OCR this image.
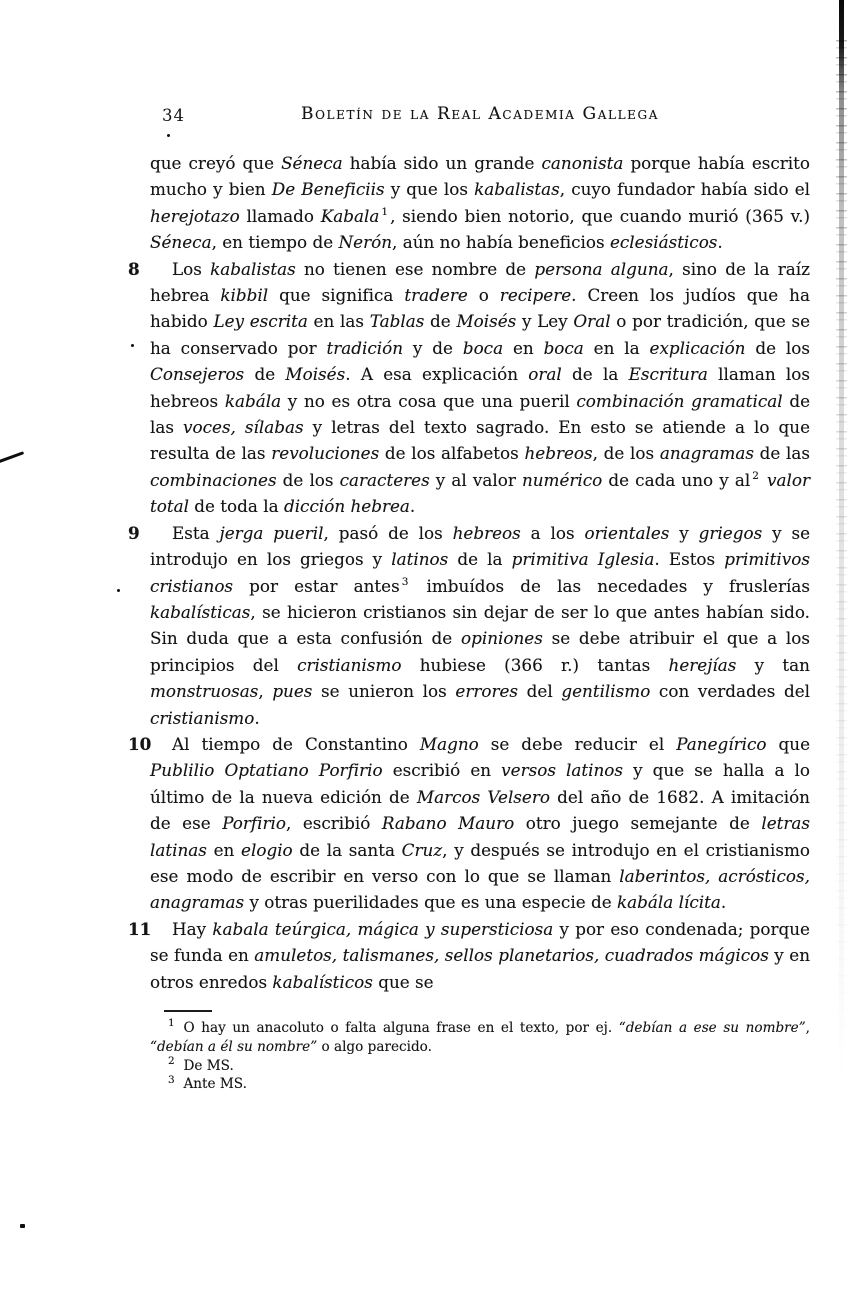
34	Boletín de la Real Academia Gallega

que creyó que Séneca había sido un grande canonista porque había escrito mucho y bien De Beneficiis y que los kabalistas, cuyo fundador había sido el herejotazo llamado Kabala $^1$ , siendo bien notorio, que cuando murió (365 v.) Séneca, en tiempo de Nerón, aún no había beneficios eclesiásticos.

8 Los kabalistas no tienen ese nombre de persona alguna, sino de la raíz hebrea kibbil que significa tradere o recipere. Creen los judíos que ha habido Ley escrita en las Tablas de Moisés y Ley Oral o por tradición, que se ha conservado por tradición y de boca en boca en la explicación de los Consejeros de Moisés. A esa explicación oral de la Escritura llaman los hebreos kabála y no es otra cosa que una pueril combinación gramatical de las voces, sílabas y letras del texto sagrado. En esto se atiende a lo que resulta de las revoluciones de los alfabetos hebreos, de los anagramas de las combinaciones de los caracteres y al valor numérico de cada uno y al $^2$ valor total de toda la dicción hebrea.

9 Esta jerga pueril, pasó de los hebreos a los orientales y griegos y se introdujo en los griegos y latinos de la primitiva Iglesia. Estos primitivos cristianos por estar antes $^3$ imbuídos de las necedades y fruslerías kabalísticas, se hicieron cristianos sin dejar de ser lo que antes habían sido. Sin duda que a esta confusión de opiniones se debe atribuir el que a los principios del cristianismo hubiese (366 r.) tantas herejías y tan monstruosas, pues se unieron los errores del gentilismo con verdades del cristianismo.

10 Al tiempo de Constantino Magno se debe reducir el Panegírico que Publilio Optatiano Porfirio escribió en versos latinos y que se halla a lo último de la nueva edición de Marcos Velsero del año de 1682. A imitación de ese Porfirio, escribió Rabano Mauro otro juego semejante de letras latinas en elogio de la santa Cruz, y después se introdujo en el cristianismo ese modo de escribir en verso con lo que se llaman laberintos, acrósticos, anagramas y otras puerilidades que es una especie de kabála lícita.

11 Hay kabala teúrgica, mágica y supersticiosa y por eso condenada; porque se funda en amuletos, talismanes, sellos planetarios, cuadrados mágicos y en otros enredos kabalísticos que se

$^1$  O hay un anacoluto o falta alguna frase en el texto, por ej. “debían a ese su nombre”, “debían a él su nombre” o algo parecido.

$^2$  De MS.

$^3$  Ante MS.
